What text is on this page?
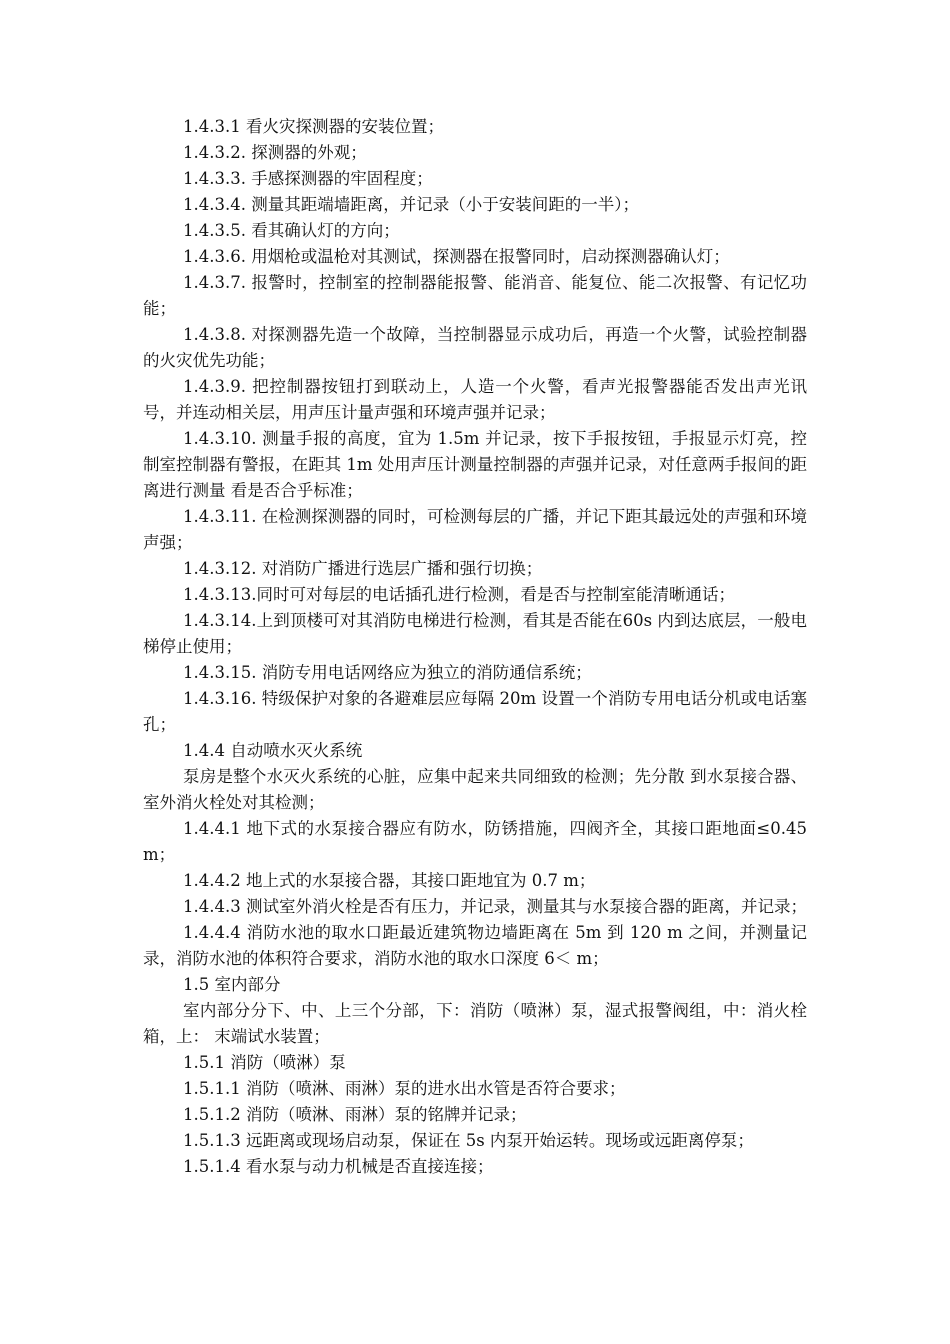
1.4.3.1 看火灾探测器的安装位置；

1.4.3.2. 探测器的外观；

1.4.3.3. 手感探测器的牢固程度；

1.4.3.4. 测量其距端墙距离，并记录（小于安装间距的一半）；

1.4.3.5. 看其确认灯的方向；

1.4.3.6. 用烟枪或温枪对其测试，探测器在报警同时，启动探测器确认灯；

1.4.3.7. 报警时，控制室的控制器能报警、能消音、能复位、能二次报警、有记忆功能；

1.4.3.8. 对探测器先造一个故障，当控制器显示成功后，再造一个火警，试验控制器的火灾优先功能；

1.4.3.9. 把控制器按钮打到联动上，人造一个火警，看声光报警器能否发出声光讯号，并连动相关层，用声压计量声强和环境声强并记录；

1.4.3.10. 测量手报的高度，宜为 1.5m 并记录，按下手报按钮，手报显示灯亮，控制室控制器有警报，在距其 1m 处用声压计测量控制器的声强并记录，对任意两手报间的距离进行测量 看是否合乎标准；

1.4.3.11. 在检测探测器的同时，可检测每层的广播，并记下距其最远处的声强和环境声强；

1.4.3.12. 对消防广播进行选层广播和强行切换；

1.4.3.13.同时可对每层的电话插孔进行检测，看是否与控制室能清晰通话；

1.4.3.14.上到顶楼可对其消防电梯进行检测，看其是否能在60s 内到达底层，一般电梯停止使用；

1.4.3.15. 消防专用电话网络应为独立的消防通信系统；

1.4.3.16. 特级保护对象的各避难层应每隔 20m 设置一个消防专用电话分机或电话塞孔；

1.4.4 自动喷水灭火系统

泵房是整个水灭火系统的心脏，应集中起来共同细致的检测；先分散 到水泵接合器、室外消火栓处对其检测；

1.4.4.1 地下式的水泵接合器应有防水，防锈措施，四阀齐全，其接口距地面≤0.45m；

1.4.4.2 地上式的水泵接合器，其接口距地宜为 0.7 m；

1.4.4.3 测试室外消火栓是否有压力，并记录，测量其与水泵接合器的距离，并记录；

1.4.4.4 消防水池的取水口距最近建筑物边墙距离在 5m 到 120 m 之间，并测量记录，消防水池的体积符合要求，消防水池的取水口深度 6＜ m；

1.5 室内部分

室内部分分下、中、上三个分部，下：消防（喷淋）泵，湿式报警阀组，中：消火栓箱，上： 末端试水装置；

1.5.1 消防（喷淋）泵

1.5.1.1 消防（喷淋、雨淋）泵的进水出水管是否符合要求；

1.5.1.2 消防（喷淋、雨淋）泵的铭牌并记录；

1.5.1.3 远距离或现场启动泵，保证在 5s 内泵开始运转。现场或远距离停泵；

1.5.1.4 看水泵与动力机械是否直接连接；
